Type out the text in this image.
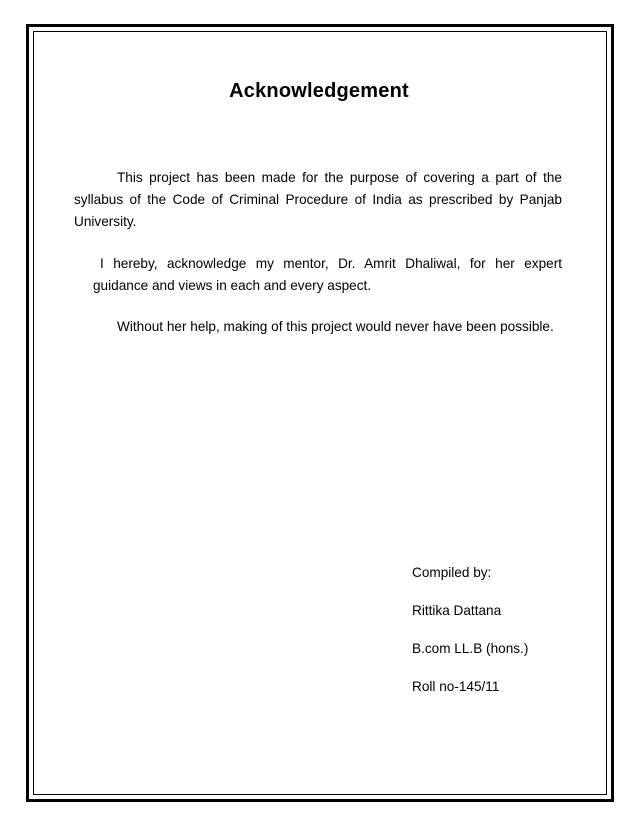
Acknowledgement

This project has been made for the purpose of covering a part of the syllabus of the Code of Criminal Procedure of India as prescribed by Panjab University.

I hereby, acknowledge my mentor, Dr. Amrit Dhaliwal, for her expert guidance and views in each and every aspect.

Without her help, making of this project would never have been possible.

Compiled by:
Rittika Dattana
B.com LL.B (hons.)
Roll no-145/11
